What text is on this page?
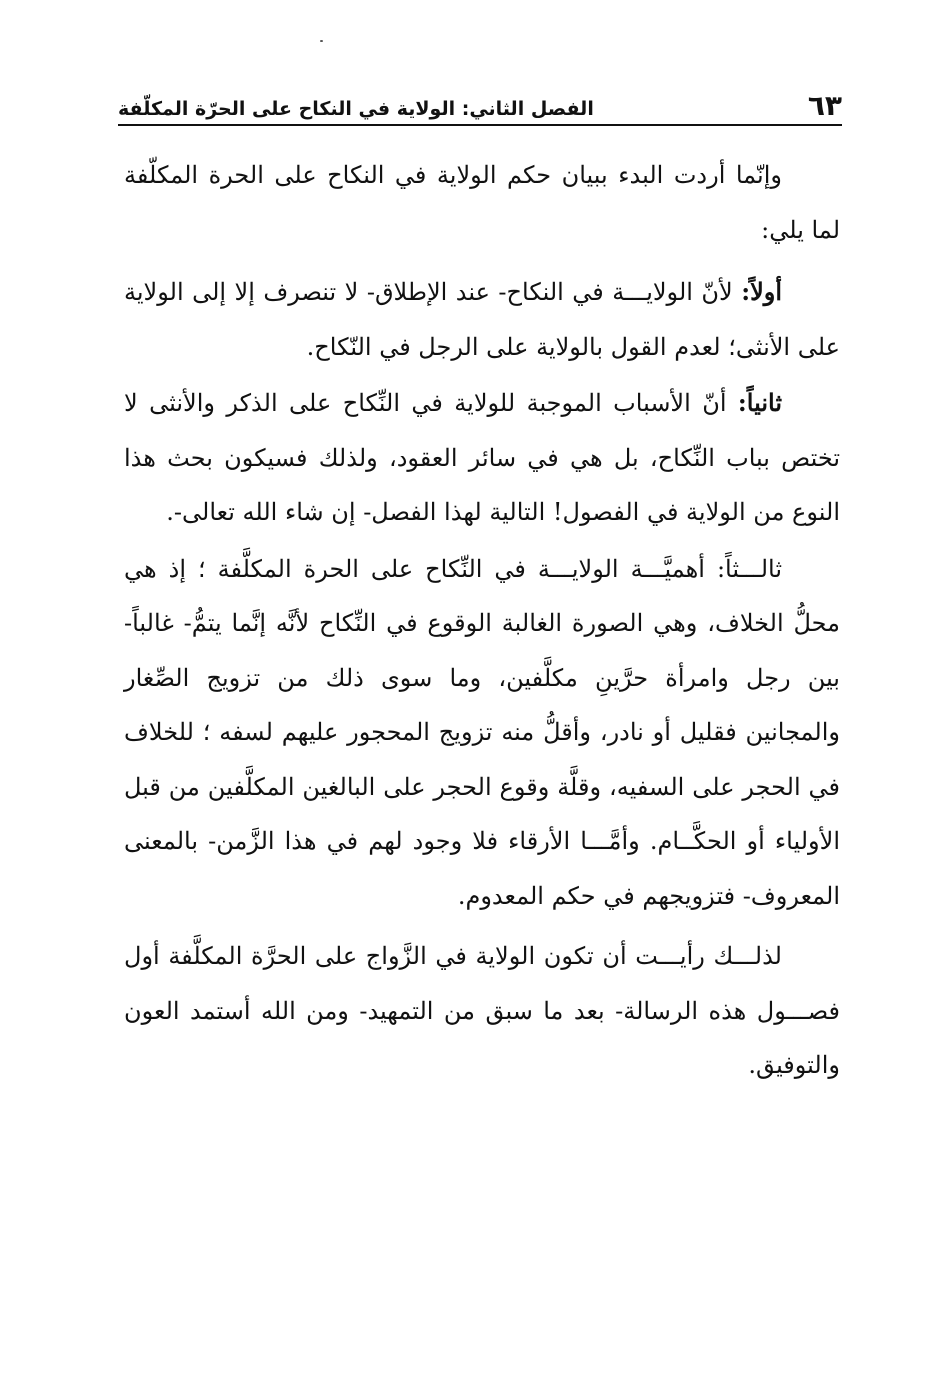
٦٣
الفصل الثاني: الولاية في النكاح على الحرّة المكلّفة

وإنّما أردت البدء ببيان حكم الولاية في النكاح على الحرة المكلّفة لما يلي:

أولاً: لأنّ الولايـــة في النكاح- عند الإطلاق- لا تنصرف إلا إلى الولاية على الأنثى؛ لعدم القول بالولاية على الرجل في النّكاح.

ثانياً: أنّ الأسباب الموجبة للولاية في النِّكاح على الذكر والأنثى لا تختص بباب النِّكاح، بل هي في سائر العقود، ولذلك فسيكون بحث هذا النوع من الولاية في الفصول! التالية لهذا الفصل- إن شاء الله تعالى-.

ثالـــثاً: أهميَّـــة الولايـــة في النِّكاح على الحرة المكلَّفة ؛ إذ هي محلُّ الخلاف، وهي الصورة الغالبة الوقوع في النِّكاح لأنَّه إنَّما يتمُّ- غالباً- بين رجل وامرأة حرَّينِ مكلَّفين، وما سوى ذلك من تزويج الصِّغار والمجانين فقليل أو نادر، وأقلُّ منه تزويج المحجور عليهم لسفه ؛ للخلاف في الحجر على السفيه، وقلَّة وقوع الحجر على البالغين المكلَّفين من قبل الأولياء أو الحكَّــام. وأمَّـــا الأرقاء فلا وجود لهم في هذا الزَّمن- بالمعنى المعروف- فتزويجهم في حكم المعدوم.

لذلـــك رأيـــت أن تكون الولاية في الزَّواج على الحرَّة المكلَّفة أول فصـــول هذه الرسالة- بعد ما سبق من التمهيد- ومن الله أستمد العون والتوفيق.
